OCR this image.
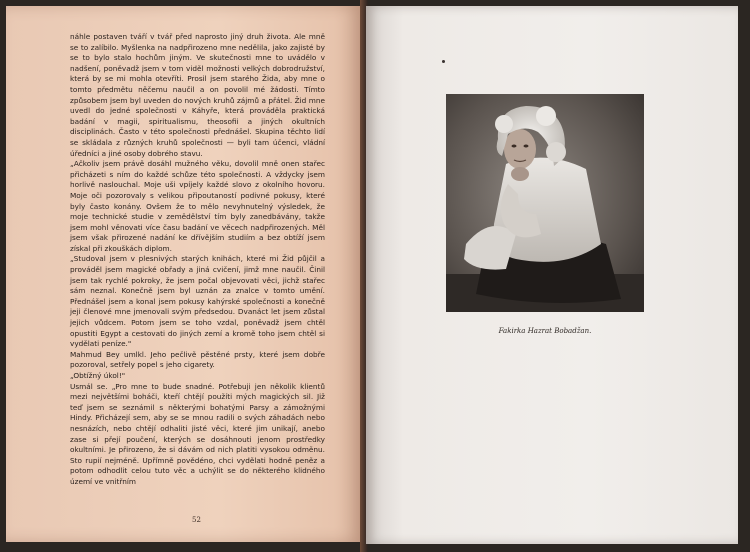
náhle postaven tváří v tvář před naprosto jiný druh života. Ale mně se to zalíbilo. Myšlenka na nadpřirozeno mne nedělila, jako zajisté by se to bylo stalo hochům jiným. Ve skutečnosti mne to uvádělo v nadšení, poněvadž jsem v tom viděl možnosti velkých dobrodružství, která by se mi mohla otevříti. Prosil jsem starého Žida, aby mne o tomto předmětu něčemu naučil a on povolil mé žádosti. Tímto způsobem jsem byl uveden do nových kruhů zájmů a přátel. Žid mne uvedl do jedné společnosti v Káhyře, která prováděla praktická badání v magii, spiritualismu, theosofii a jiných okultních disciplinách. Často v této společnosti přednášel. Skupina těchto lidí se skládala z různých kruhů společnosti — byli tam účenci, vládní úředníci a jiné osoby dobrého stavu.

„Ačkoliv jsem právě dosáhl mužného věku, dovolil mně onen stařec přicházeti s ním do každé schůze této společnosti. A vždycky jsem horlivě naslouchal. Moje uši vpíjely každé slovo z okolního hovoru. Moje oči pozorovaly s velikou připoutaností podivné pokusy, které byly často konány. Ovšem že to mělo nevyhnutelný výsledek, že moje technické studie v zemědělství tím byly zanedbávány, takže jsem mohl věnovati více času badání ve věcech nadpřirozených. Měl jsem však přirozené nadání ke dřívějším studiím a bez obtíží jsem získal při zkouškách diplom.

„Studoval jsem v plesnivých starých knihách, které mi Žid půjčil a prováděl jsem magické obřady a jiná cvičení, jimž mne naučil. Činil jsem tak rychlé pokroky, že jsem počal objevovati věci, jichž stařec sám neznal. Konečně jsem byl uznán za znalce v tomto umění. Přednášel jsem a konal jsem pokusy kahýrské společnosti a konečně jeji členové mne jmenovali svým předsedou. Dvanáct let jsem zůstal jejich vůdcem. Potom jsem se toho vzdal, poněvadž jsem chtěl opustiti Egypt a cestovati do jiných zemí a kromě toho jsem chtěl si vydělati peníze."

Mahmud Bey umlkl. Jeho pečlivě pěstěné prsty, které jsem dobře pozoroval, setřely popel s jeho cigarety.

„Obtížný úkol!"

Usmál se. „Pro mne to bude snadné. Potřebuji jen několik klientů mezi největšími boháči, kteří chtějí použíti mých magických sil. Již teď jsem se seznámil s některými bohatými Parsy a zámožnými Hindy. Přicházejí sem, aby se se mnou radili o svých záhadách nebo nesnázích, nebo chtějí odhaliti jisté věci, které jim unikají, anebo zase si přejí poučení, kterých se dosáhnouti jenom prostředky okultními. Je přirozeno, že si dávám od nich platiti vysokou odměnu. Sto rupií nejméně. Upřímně povědéno, chci vydělati hodně peněz a potom odhodlit celou tuto věc a uchýlit se do některého klidného území ve vnitřním

52
Fakirka Hazrat Bobadžan.
